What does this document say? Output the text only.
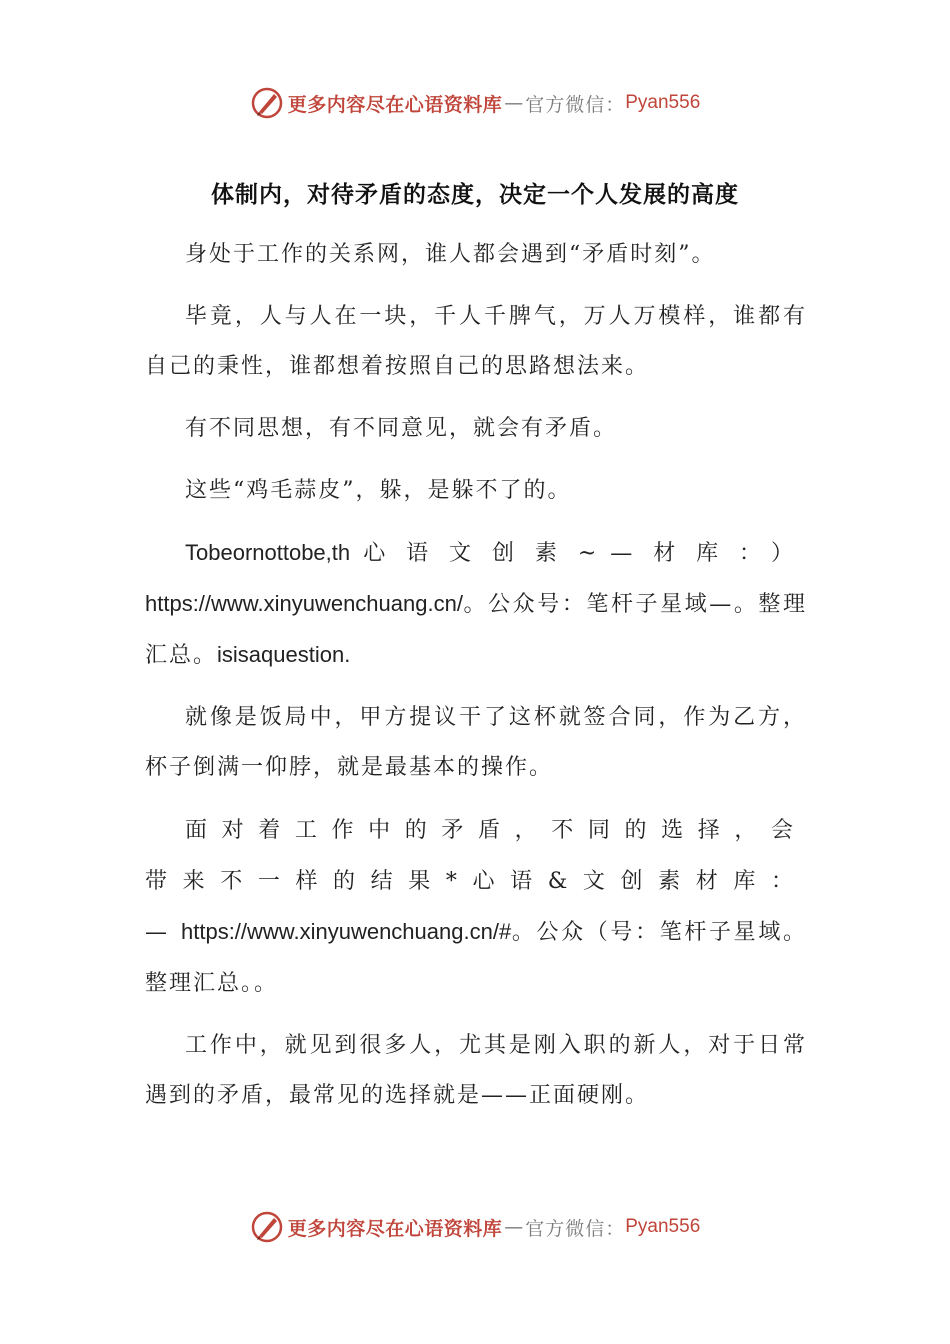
更多内容尽在心语资料库 — 官方微信： Pyan556
体制内，对待矛盾的态度，决定一个人发展的高度

身处于工作的关系网，谁人都会遇到“矛盾时刻”。

毕竟，人与人在一块，千人千脾气，万人万模样，谁都有自己的秉性，谁都想着按照自己的思路想法来。

有不同思想，有不同意见，就会有矛盾。

这些“鸡毛蒜皮”，躲，是躲不了的。

Tobeornottobe,th 心语文创素~—材库：）https://www.xinyuwenchuang.cn/。公众号：笔杆子星域—。整理汇总。isisaquestion.

就像是饭局中，甲方提议干了这杯就签合同，作为乙方，杯子倒满一仰脖，就是最基本的操作。

面对着工作中的矛盾，不同的选择，会带来不一样的结果*心语&文创素材库：—https://www.xinyuwenchuang.cn/#。公众（号：笔杆子星域。整理汇总。。

工作中，就见到很多人，尤其是刚入职的新人，对于日常遇到的矛盾，最常见的选择就是——正面硬刚。

更多内容尽在心语资料库 — 官方微信： Pyan556
